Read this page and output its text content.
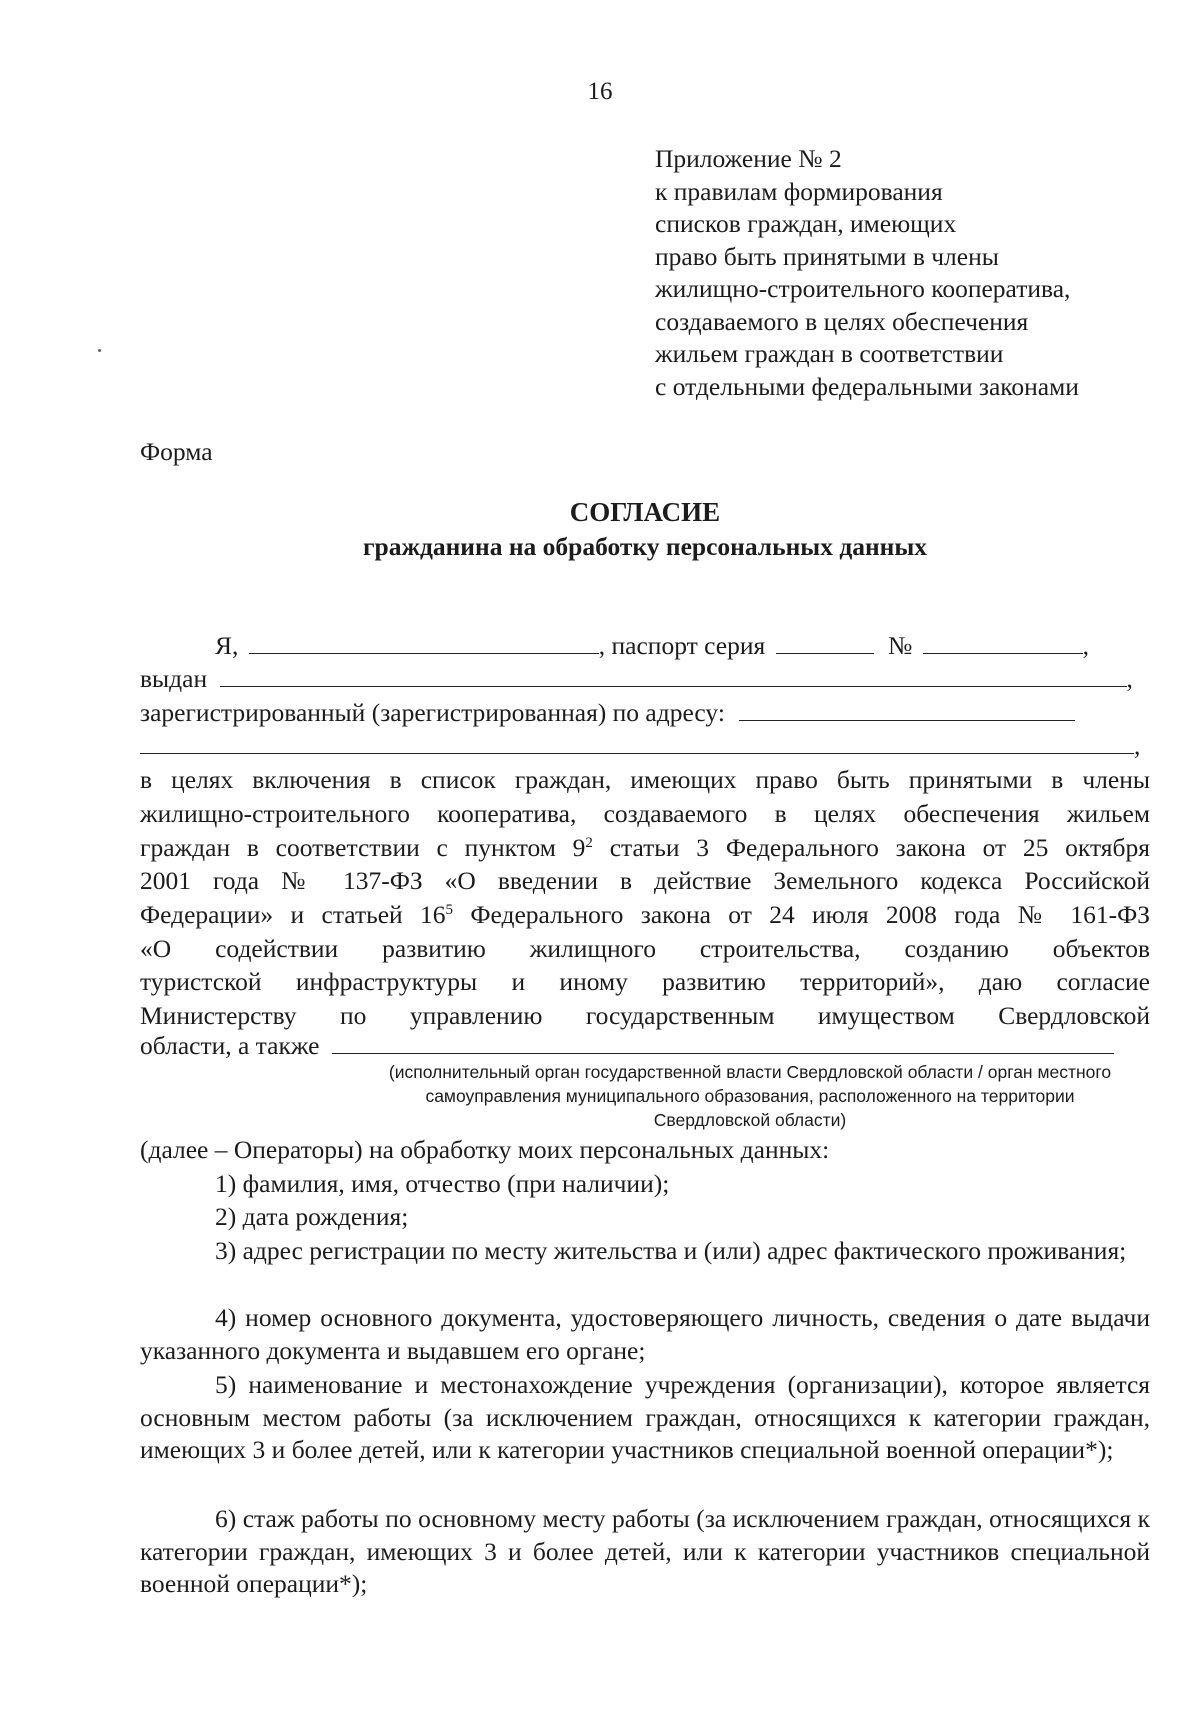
16
Приложение № 2
к правилам формирования
списков граждан, имеющих
право быть принятыми в члены
жилищно-строительного кооператива,
создаваемого в целях обеспечения
жильем граждан в соответствии
с отдельными федеральными законами
Форма
СОГЛАСИЕ
гражданина на обработку персональных данных
Я,	, паспорт серия	№	,
выдан	,
зарегистрированный (зарегистрированная) по адресу:
,
в целях включения в список граждан, имеющих право быть принятыми в члены
жилищно-строительного кооператива, создаваемого в целях обеспечения жильем
граждан в соответствии с пунктом $9^2$ статьи 3 Федерального закона от 25 октября
2001 года № 137-ФЗ «О введении в действие Земельного кодекса Российской
Федерации» и статьей $16^5$ Федерального закона от 24 июля 2008 года № 161-ФЗ
«О содействии развитию жилищного строительства, созданию объектов
туристской инфраструктуры и иному развитию территорий», даю согласие
Министерству по управлению государственным имуществом Свердловской
области, а также
(исполнительный орган государственной власти Свердловской области / орган местного
самоуправления муниципального образования, расположенного на территории
Свердловской области)
(далее – Операторы) на обработку моих персональных данных:
1) фамилия, имя, отчество (при наличии);
2) дата рождения;
3) адрес регистрации по месту жительства и (или) адрес фактического проживания;
4) номер основного документа, удостоверяющего личность, сведения о дате выдачи указанного документа и выдавшем его органе;
5) наименование и местонахождение учреждения (организации), которое является основным местом работы (за исключением граждан, относящихся к категории граждан, имеющих 3 и более детей, или к категории участников специальной военной операции*);
6) стаж работы по основному месту работы (за исключением граждан, относящихся к категории граждан, имеющих 3 и более детей, или к категории участников специальной военной операции*);
